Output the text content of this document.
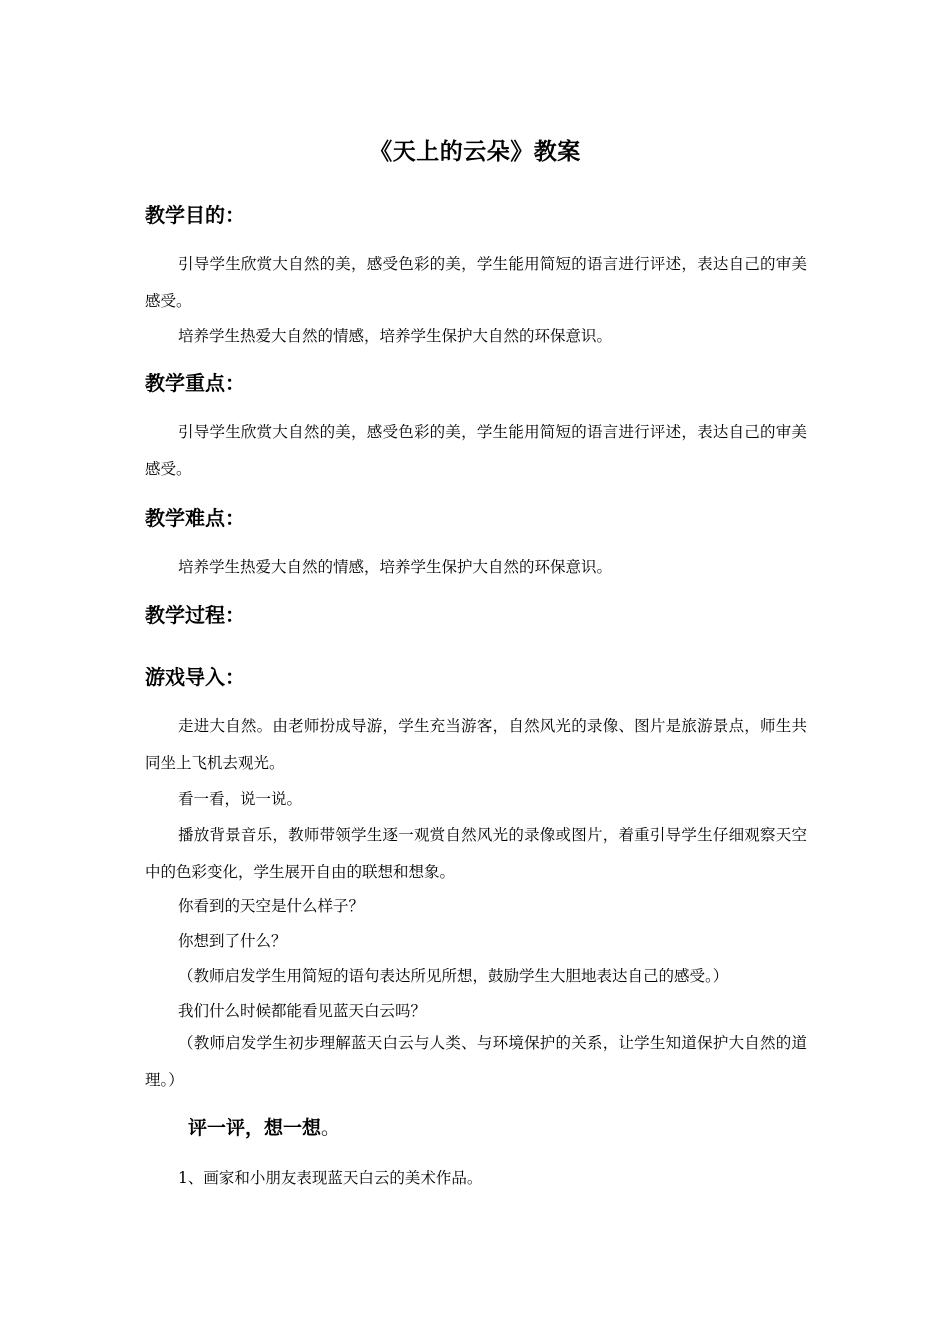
《天上的云朵》教案
教学目的：

引导学生欣赏大自然的美，感受色彩的美，学生能用简短的语言进行评述，表达自己的审美感受。

培养学生热爱大自然的情感，培养学生保护大自然的环保意识。
教学重点：

引导学生欣赏大自然的美，感受色彩的美，学生能用简短的语言进行评述，表达自己的审美感受。

教学难点：
培养学生热爱大自然的情感，培养学生保护大自然的环保意识。
教学过程：
游戏导入：

走进大自然。由老师扮成导游，学生充当游客，自然风光的录像、图片是旅游景点，师生共同坐上飞机去观光。

看一看，说一说。

播放背景音乐，教师带领学生逐一观赏自然风光的录像或图片，着重引导学生仔细观察天空中的色彩变化，学生展开自由的联想和想象。

你看到的天空是什么样子？
你想到了什么？
（教师启发学生用简短的语句表达所见所想，鼓励学生大胆地表达自己的感受。）
我们什么时候都能看见蓝天白云吗？

（教师启发学生初步理解蓝天白云与人类、与环境保护的关系，让学生知道保护大自然的道理。）

评一评，想一想。
1、画家和小朋友表现蓝天白云的美术作品。
